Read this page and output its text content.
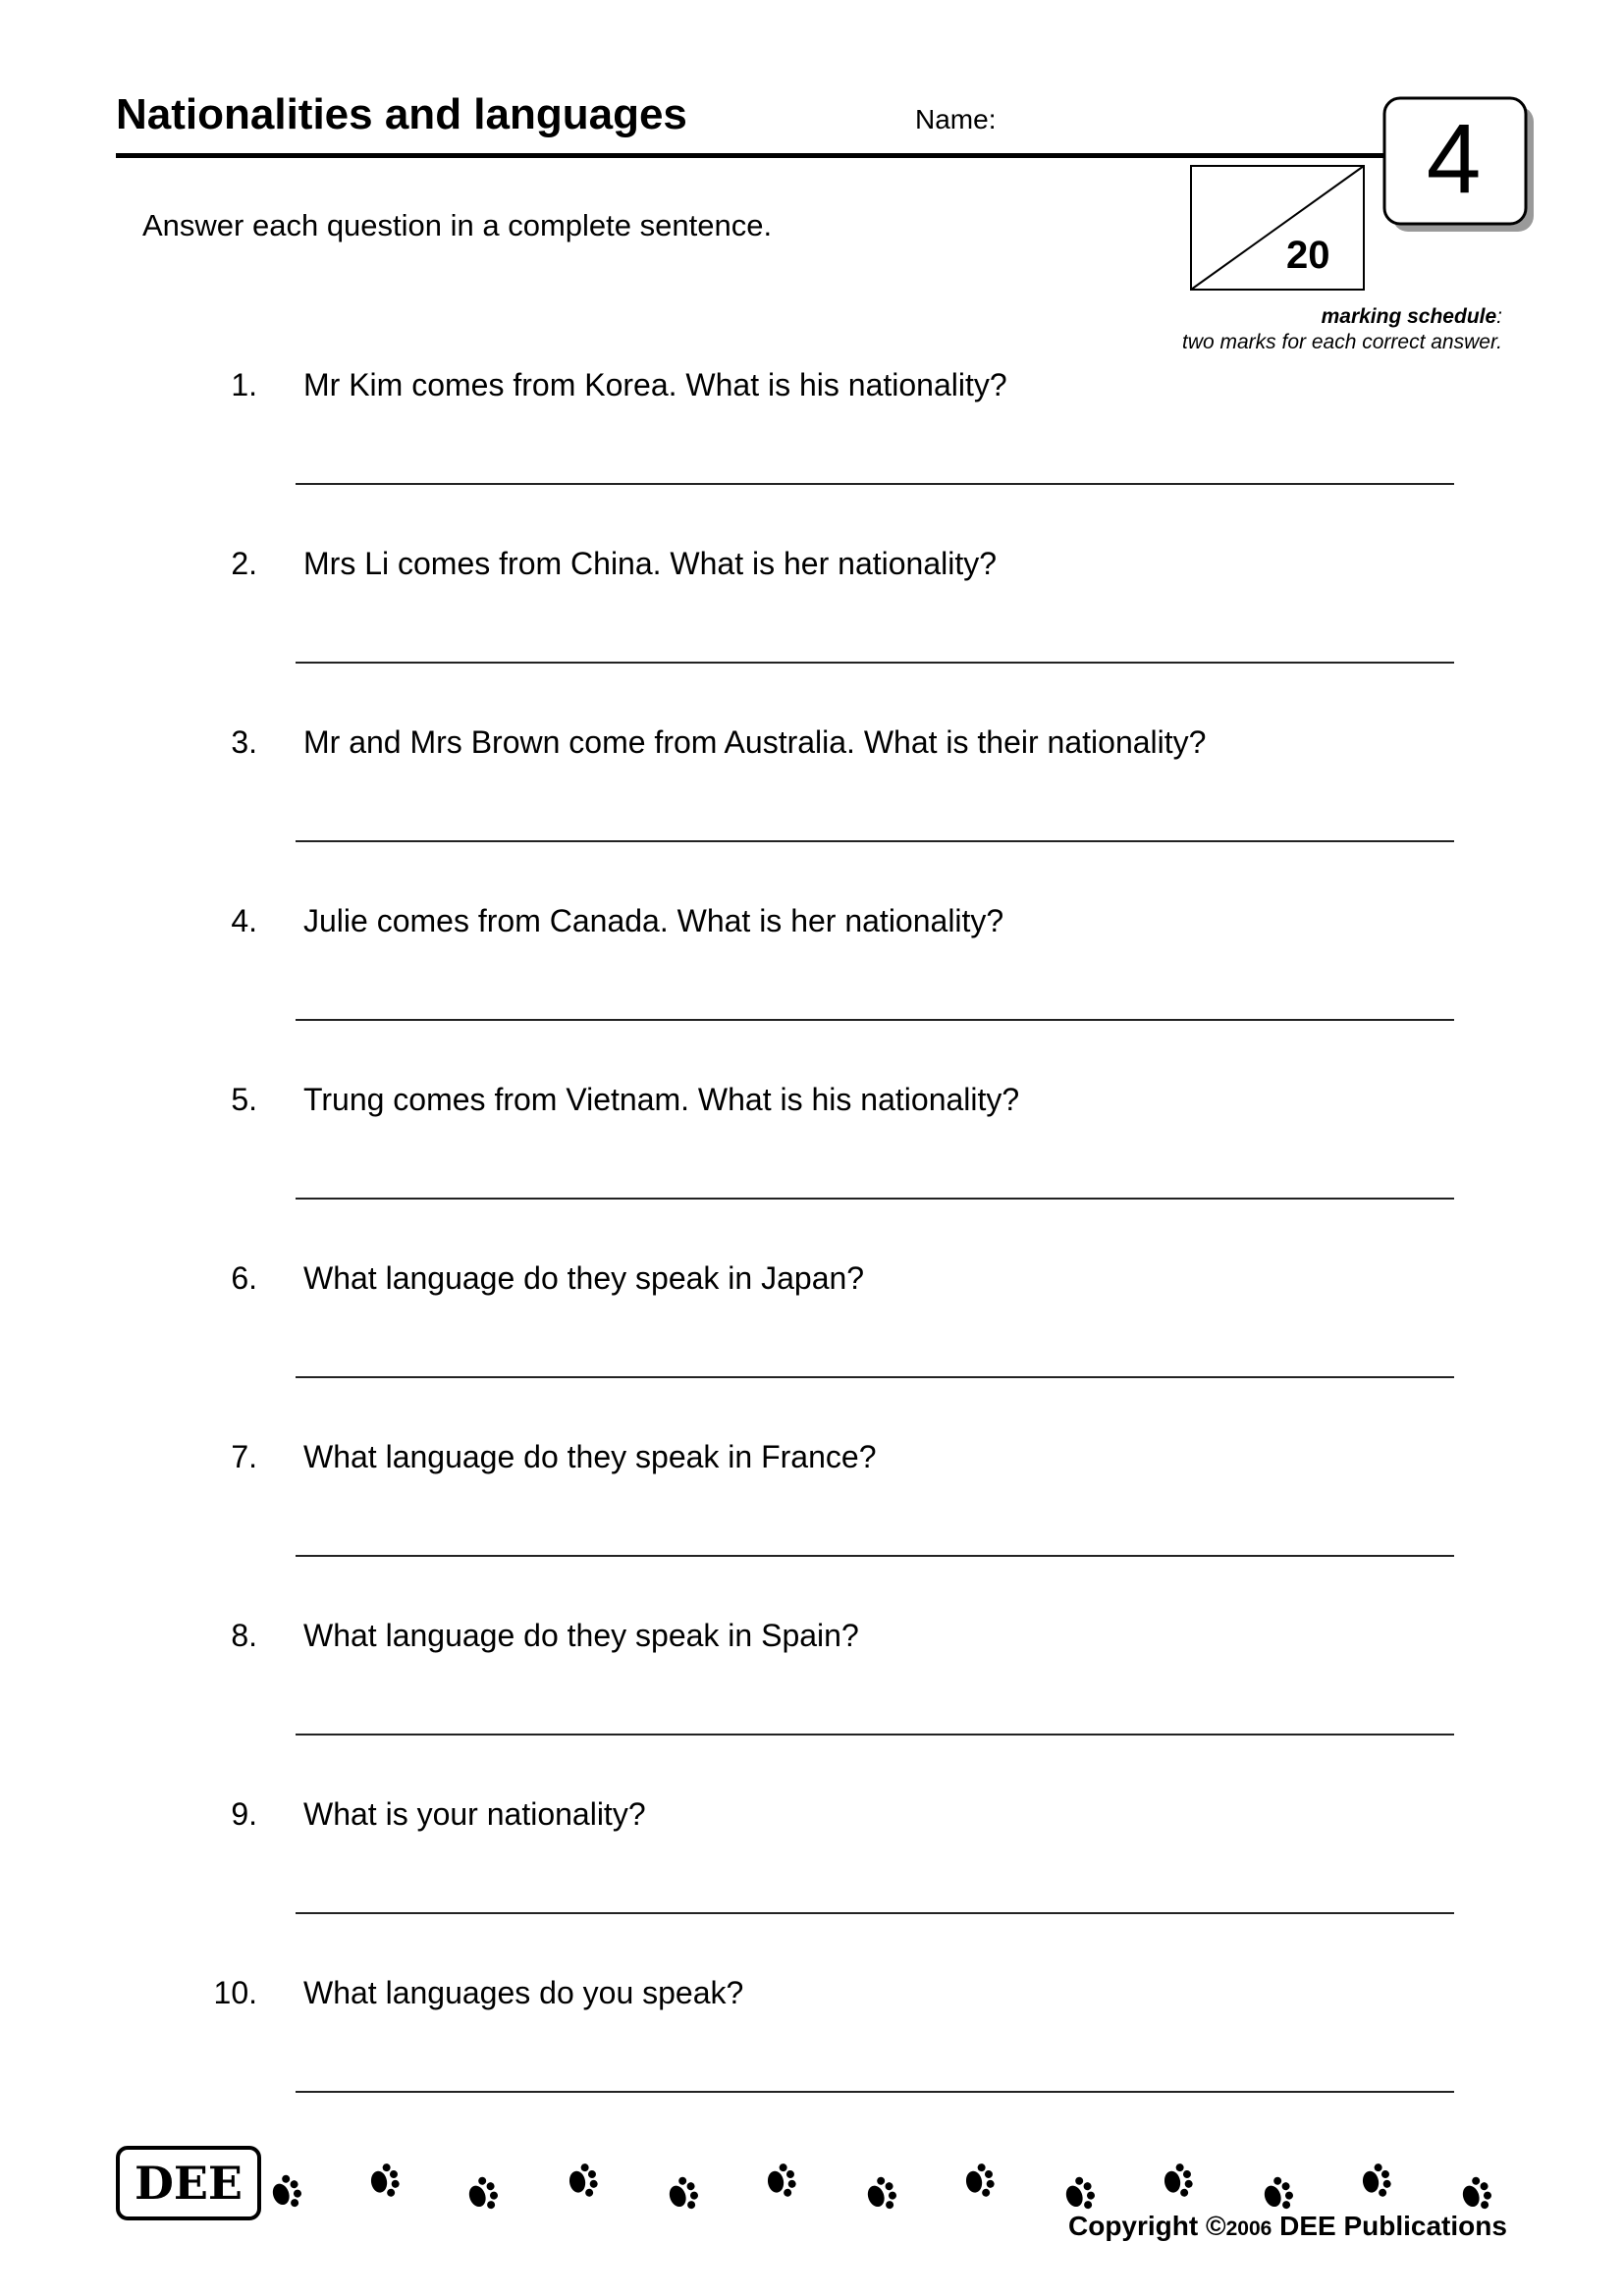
Nationalities and languages	Name:	4
20
marking schedule:
two marks for each correct answer.
Answer each question in a complete sentence.
1. Mr Kim comes from Korea. What is his nationality?
2. Mrs Li comes from China. What is her nationality?
3. Mr and Mrs Brown come from Australia. What is their nationality?
4. Julie comes from Canada. What is her nationality?
5. Trung comes from Vietnam. What is his nationality?
6. What language do they speak in Japan?
7. What language do they speak in France?
8. What language do they speak in Spain?
9. What is your nationality?
10. What languages do you speak?
DEE
Copyright ©2006 DEE Publications
